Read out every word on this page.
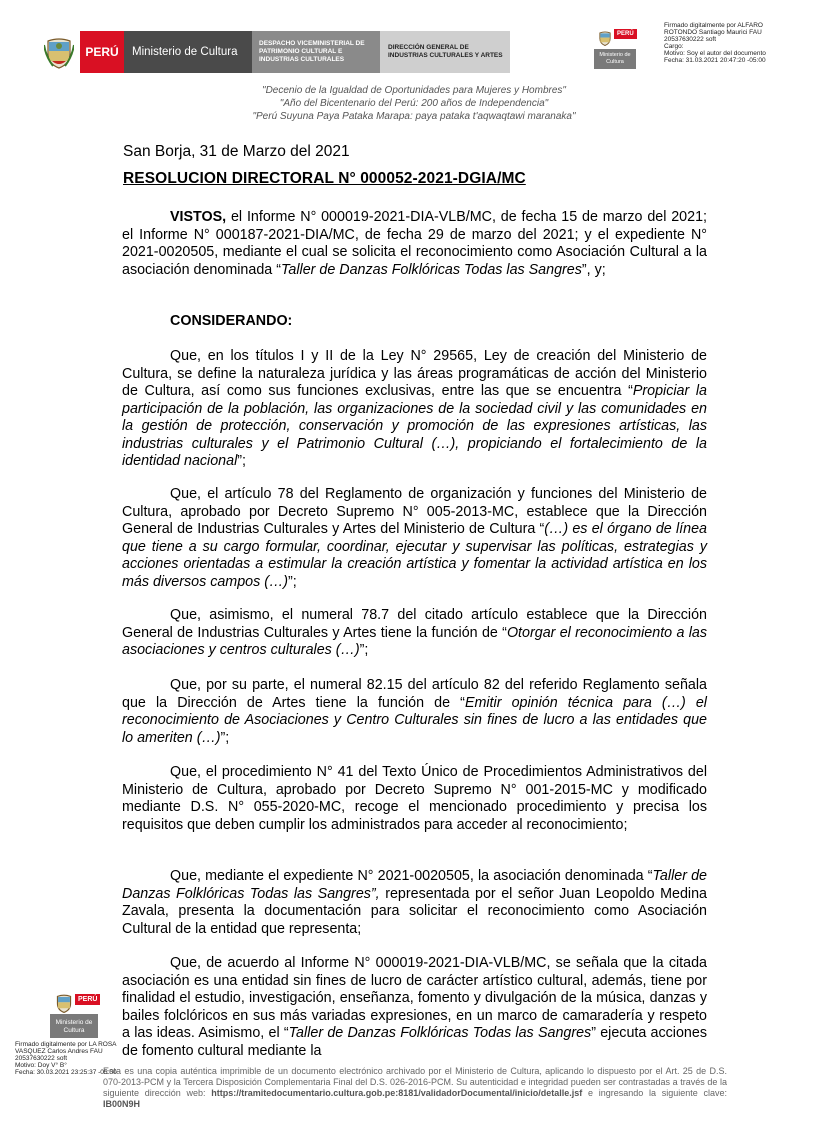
PERÚ	Ministerio de Cultura
DESPACHO VICEMINISTERIAL DE PATRIMONIO CULTURAL E INDUSTRIAS CULTURALES
DIRECCIÓN GENERAL DE INDUSTRIAS CULTURALES Y ARTES
PERÚ
Ministerio de Cultura
Firmado digitalmente por ALFARO
ROTONDO Santiago Maurici FAU
20537630222 soft
Cargo:
Motivo: Soy el autor del documento
Fecha: 31.03.2021 20:47:20 -05:00
"Decenio de la Igualdad de Oportunidades para Mujeres y Hombres"
"Año del Bicentenario del Perú: 200 años de Independencia"
"Perú Suyuna Paya Pataka Marapa: paya pataka t'aqwaqtawi maranaka"
San Borja, 31 de Marzo del 2021
RESOLUCION DIRECTORAL N° 000052-2021-DGIA/MC
VISTOS, el Informe N° 000019-2021-DIA-VLB/MC, de fecha 15 de marzo del 2021; el Informe N° 000187-2021-DIA/MC, de fecha 29 de marzo del 2021; y el expediente N° 2021-0020505, mediante el cual se solicita el reconocimiento como Asociación Cultural a la asociación denominada “Taller de Danzas Folklóricas Todas las Sangres”, y;
CONSIDERANDO:
Que, en los títulos I y II de la Ley N° 29565, Ley de creación del Ministerio de Cultura, se define la naturaleza jurídica y las áreas programáticas de acción del Ministerio de Cultura, así como sus funciones exclusivas, entre las que se encuentra “Propiciar la participación de la población, las organizaciones de la sociedad civil y las comunidades en la gestión de protección, conservación y promoción de las expresiones artísticas, las industrias culturales y el Patrimonio Cultural (…), propiciando el fortalecimiento de la identidad nacional”;
Que, el artículo 78 del Reglamento de organización y funciones del Ministerio de Cultura, aprobado por Decreto Supremo N° 005-2013-MC, establece que la Dirección General de Industrias Culturales y Artes del Ministerio de Cultura “(…) es el órgano de línea que tiene a su cargo formular, coordinar, ejecutar y supervisar las políticas, estrategias y acciones orientadas a estimular la creación artística y fomentar la actividad artística en los más diversos campos (…)”;
Que, asimismo, el numeral 78.7 del citado artículo establece que la Dirección General de Industrias Culturales y Artes tiene la función de “Otorgar el reconocimiento a las asociaciones y centros culturales (…)”;
Que, por su parte, el numeral 82.15 del artículo 82 del referido Reglamento señala que la Dirección de Artes tiene la función de “Emitir opinión técnica para (…) el reconocimiento de Asociaciones y Centro Culturales sin fines de lucro a las entidades que lo ameriten (…)”;
Que, el procedimiento N° 41 del Texto Único de Procedimientos Administrativos del Ministerio de Cultura, aprobado por Decreto Supremo N° 001-2015-MC y modificado mediante D.S. N° 055-2020-MC, recoge el mencionado procedimiento y precisa los requisitos que deben cumplir los administrados para acceder al reconocimiento;
Que, mediante el expediente N° 2021-0020505, la asociación denominada “Taller de Danzas Folklóricas Todas las Sangres”, representada por el señor Juan Leopoldo Medina Zavala, presenta la documentación para solicitar el reconocimiento como Asociación Cultural de la entidad que representa;
Que, de acuerdo al Informe N° 000019-2021-DIA-VLB/MC, se señala que la citada asociación es una entidad sin fines de lucro de carácter artístico cultural, además, tiene por finalidad el estudio, investigación, enseñanza, fomento y divulgación de la música, danzas y bailes folclóricos en sus más variadas expresiones, en un marco de camaradería y respeto a las ideas. Asimismo, el “Taller de Danzas Folklóricas Todas las Sangres” ejecuta acciones de fomento cultural mediante la
PERÚ
Ministerio de Cultura
Firmado digitalmente por LA ROSA
VASQUEZ Carlos Andres FAU
20537630222 soft
Motivo: Doy V° B°
Fecha: 30.03.2021 23:25:37 -05:00
Esta es una copia auténtica imprimible de un documento electrónico archivado por el Ministerio de Cultura, aplicando lo dispuesto por el Art. 25 de D.S. 070-2013-PCM y la Tercera Disposición Complementaria Final del D.S. 026-2016-PCM. Su autenticidad e integridad pueden ser contrastadas a través de la siguiente dirección web: https://tramitedocumentario.cultura.gob.pe:8181/validadorDocumental/inicio/detalle.jsf e ingresando la siguiente clave: IB00N9H
